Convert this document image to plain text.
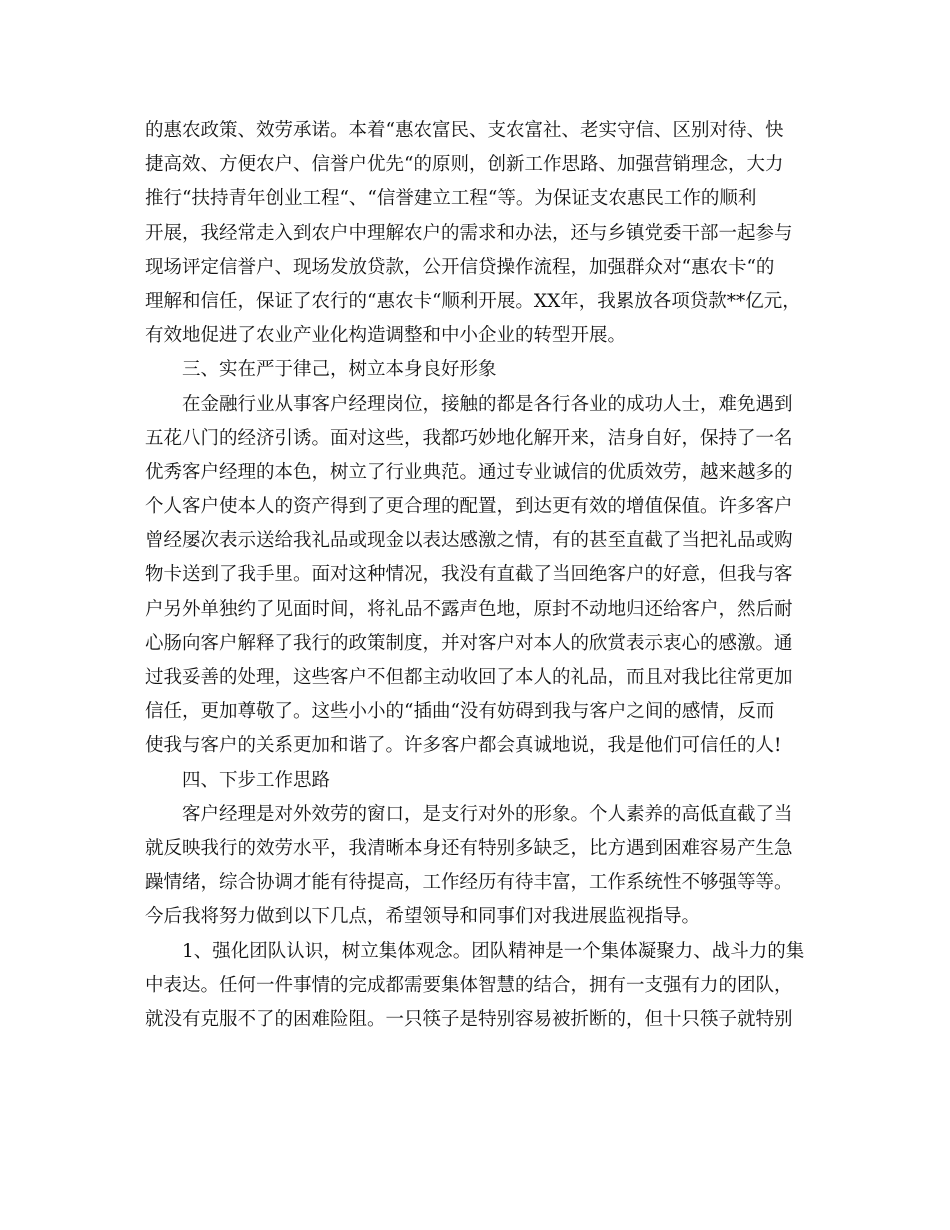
的惠农政策、效劳承诺。本着“惠农富民、支农富社、老实守信、区别对待、快
捷高效、方便农户、信誉户优先“的原则，创新工作思路、加强营销理念，大力
推行“扶持青年创业工程“、“信誉建立工程“等。为保证支农惠民工作的顺利
开展，我经常走入到农户中理解农户的需求和办法，还与乡镇党委干部一起参与
现场评定信誉户、现场发放贷款，公开信贷操作流程，加强群众对“惠农卡“的
理解和信任，保证了农行的“惠农卡“顺利开展。XX年，我累放各项贷款**亿元，
有效地促进了农业产业化构造调整和中小企业的转型开展。
三、实在严于律己，树立本身良好形象
在金融行业从事客户经理岗位，接触的都是各行各业的成功人士，难免遇到
五花八门的经济引诱。面对这些，我都巧妙地化解开来，洁身自好，保持了一名
优秀客户经理的本色，树立了行业典范。通过专业诚信的优质效劳，越来越多的
个人客户使本人的资产得到了更合理的配置，到达更有效的增值保值。许多客户
曾经屡次表示送给我礼品或现金以表达感激之情，有的甚至直截了当把礼品或购
物卡送到了我手里。面对这种情况，我没有直截了当回绝客户的好意，但我与客
户另外单独约了见面时间，将礼品不露声色地，原封不动地归还给客户，然后耐
心肠向客户解释了我行的政策制度，并对客户对本人的欣赏表示衷心的感激。通
过我妥善的处理，这些客户不但都主动收回了本人的礼品，而且对我比往常更加
信任，更加尊敬了。这些小小的“插曲“没有妨碍到我与客户之间的感情，反而
使我与客户的关系更加和谐了。许多客户都会真诚地说，我是他们可信任的人!
四、下步工作思路
客户经理是对外效劳的窗口，是支行对外的形象。个人素养的高低直截了当
就反映我行的效劳水平，我清晰本身还有特别多缺乏，比方遇到困难容易产生急
躁情绪，综合协调才能有待提高，工作经历有待丰富，工作系统性不够强等等。
今后我将努力做到以下几点，希望领导和同事们对我进展监视指导。
1、强化团队认识，树立集体观念。团队精神是一个集体凝聚力、战斗力的集
中表达。任何一件事情的完成都需要集体智慧的结合，拥有一支强有力的团队，
就没有克服不了的困难险阻。一只筷子是特别容易被折断的，但十只筷子就特别
